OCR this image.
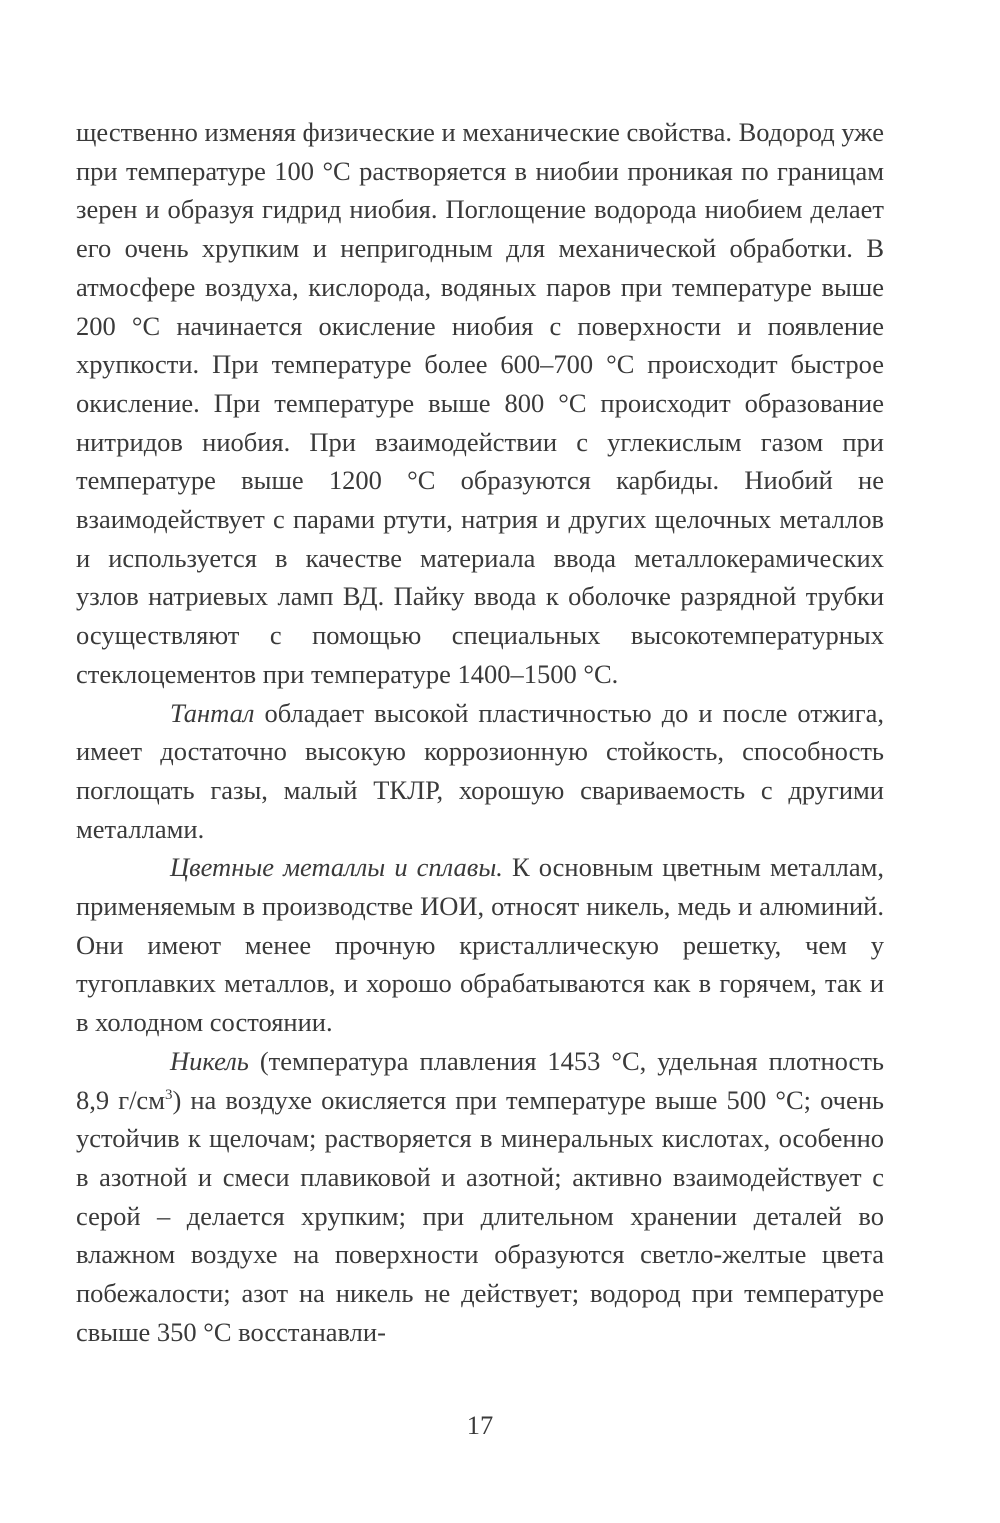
щественно изменяя физические и механические свойства. Водород уже при температуре 100 °С растворяется в ниобии проникая по границам зерен и образуя гидрид ниобия. Поглощение водорода ниобием делает его очень хрупким и непригодным для механической обработки. В атмосфере воздуха, кислорода, водяных паров при температуре выше 200 °С начинается окисление ниобия с поверхности и появление хрупкости. При температуре более 600–700 °С происходит быстрое окисление. При температуре выше 800 °С происходит образование нитридов ниобия. При взаимодействии с углекислым газом при температуре выше 1200 °С образуются карбиды. Ниобий не взаимодействует с парами ртути, натрия и других щелочных металлов и используется в качестве материала ввода металлокерамических узлов натриевых ламп ВД. Пайку ввода к оболочке разрядной трубки осуществляют с помощью специальных высокотемпературных стеклоцементов при температуре 1400–1500 °С.

Тантал обладает высокой пластичностью до и после отжига, имеет достаточно высокую коррозионную стойкость, способность поглощать газы, малый ТКЛР, хорошую свариваемость с другими металлами.

Цветные металлы и сплавы. К основным цветным металлам, применяемым в производстве ИОИ, относят никель, медь и алюминий. Они имеют менее прочную кристаллическую решетку, чем у тугоплавких металлов, и хорошо обрабатываются как в горячем, так и в холодном состоянии.

Никель (температура плавления 1453 °С, удельная плотность 8,9 $г/см^3$) на воздухе окисляется при температуре выше 500 °С; очень устойчив к щелочам; растворяется в минеральных кислотах, особенно в азотной и смеси плавиковой и азотной; активно взаимодействует с серой – делается хрупким; при длительном хранении деталей во влажном воздухе на поверхности образуются светло-желтые цвета побежалости; азот на никель не действует; водород при температуре свыше 350 °С восстанавли-

17
